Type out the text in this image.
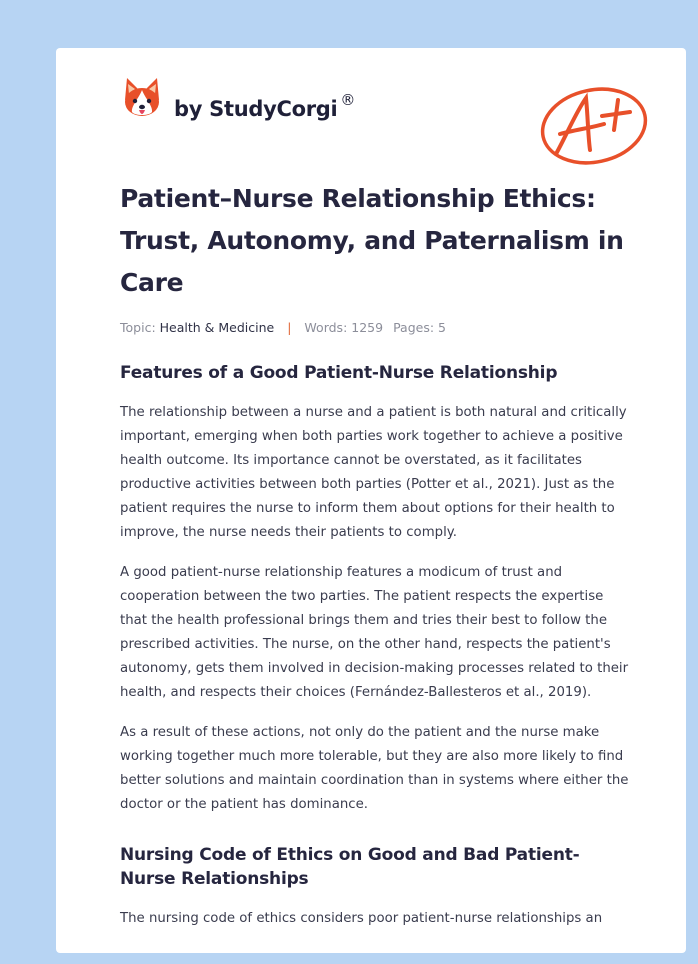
by StudyCorgi ®
Patient–Nurse Relationship Ethics: Trust, Autonomy, and Paternalism in Care
Topic: Health & Medicine | Words: 1259 Pages: 5
Features of a Good Patient-Nurse Relationship

The relationship between a nurse and a patient is both natural and critically important, emerging when both parties work together to achieve a positive health outcome. Its importance cannot be overstated, as it facilitates productive activities between both parties (Potter et al., 2021). Just as the patient requires the nurse to inform them about options for their health to improve, the nurse needs their patients to comply.

A good patient-nurse relationship features a modicum of trust and cooperation between the two parties. The patient respects the expertise that the health professional brings them and tries their best to follow the prescribed activities. The nurse, on the other hand, respects the patient's autonomy, gets them involved in decision-making processes related to their health, and respects their choices (Fernández-Ballesteros et al., 2019).

As a result of these actions, not only do the patient and the nurse make working together much more tolerable, but they are also more likely to find better solutions and maintain coordination than in systems where either the doctor or the patient has dominance.

Nursing Code of Ethics on Good and Bad Patient-Nurse Relationships

The nursing code of ethics considers poor patient-nurse relationships an
